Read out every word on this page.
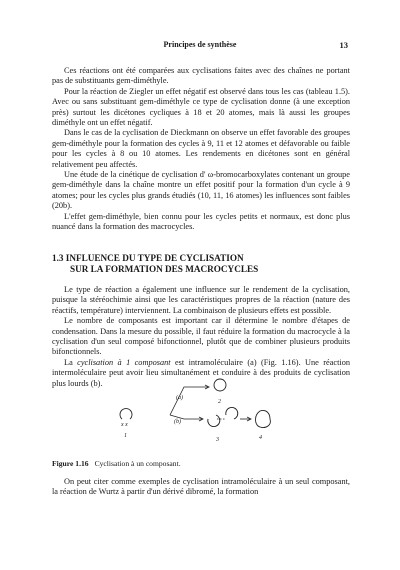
Principes de synthèse	13

Ces réactions ont été comparées aux cyclisations faites avec des chaînes ne portant pas de substituants gem-diméthyle.

Pour la réaction de Ziegler un effet négatif est observé dans tous les cas (tableau 1.5). Avec ou sans substituant gem-diméthyle ce type de cyclisation donne (à une exception près) surtout les dicétones cycliques à 18 et 20 atomes, mais là aussi les groupes diméthyle ont un effet négatif.

Dans le cas de la cyclisation de Dieckmann on observe un effet favorable des groupes gem-diméthyle pour la formation des cycles à 9, 11 et 12 atomes et défavorable ou faible pour les cycles à 8 ou 10 atomes. Les rendements en dicétones sont en général relativement peu affectés.

Une étude de la cinétique de cyclisation d' ω-bromocarboxylates contenant un groupe gem-diméthyle dans la chaîne montre un effet positif pour la formation d'un cycle à 9 atomes; pour les cycles plus grands étudiés (10, 11, 16 atomes) les influences sont faibles (20b).

L'effet gem-diméthyle, bien connu pour les cycles petits et normaux, est donc plus nuancé dans la formation des macrocycles.

1.3 INFLUENCE DU TYPE DE CYCLISATION
SUR LA FORMATION DES MACROCYCLES

Le type de réaction a également une influence sur le rendement de la cyclisation, puisque la stéréochimie ainsi que les caractéristiques propres de la réaction (nature des réactifs, température) interviennent. La combinaison de plusieurs effets est possible.

Le nombre de composants est important car il détermine le nombre d'étapes de condensation. Dans la mesure du possible, il faut réduire la formation du macrocycle à la cyclisation d'un seul composé bifonctionnel, plutôt que de combiner plusieurs produits bifonctionnels.

La cyclisation à 1 composant est intramoléculaire (a) (Fig. 1.16). Une réaction intermoléculaire peut avoir lieu simultanément et conduire à des produits de cyclisation plus lourds (b).

x x
1
(a)
(b)
2
3	4
Figure 1.16 Cyclisation à un composant.

On peut citer comme exemples de cyclisation intramoléculaire à un seul composant, la réaction de Wurtz à partir d'un dérivé dibromé, la formation
